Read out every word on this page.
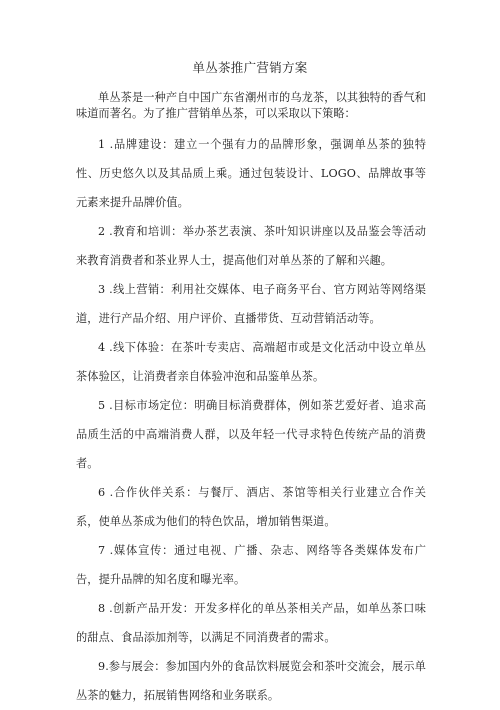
单丛茶推广营销方案

单丛茶是一种产自中国广东省潮州市的乌龙茶，以其独特的香气和味道而著名。为了推广营销单丛茶，可以采取以下策略：

1 .品牌建设：建立一个强有力的品牌形象，强调单丛茶的独特性、历史悠久以及其品质上乘。通过包装设计、LOGO、品牌故事等元素来提升品牌价值。

2 .教育和培训：举办茶艺表演、茶叶知识讲座以及品鉴会等活动来教育消费者和茶业界人士，提高他们对单丛茶的了解和兴趣。

3 .线上营销：利用社交媒体、电子商务平台、官方网站等网络渠道，进行产品介绍、用户评价、直播带货、互动营销活动等。

4 .线下体验：在茶叶专卖店、高端超市或是文化活动中设立单丛茶体验区，让消费者亲自体验冲泡和品鉴单丛茶。

5 .目标市场定位：明确目标消费群体，例如茶艺爱好者、追求高品质生活的中高端消费人群，以及年轻一代寻求特色传统产品的消费者。

6 .合作伙伴关系：与餐厅、酒店、茶馆等相关行业建立合作关系，使单丛茶成为他们的特色饮品，增加销售渠道。

7 .媒体宣传：通过电视、广播、杂志、网络等各类媒体发布广告，提升品牌的知名度和曝光率。

8 .创新产品开发：开发多样化的单丛茶相关产品，如单丛茶口味的甜点、食品添加剂等，以满足不同消费者的需求。

9.参与展会：参加国内外的食品饮料展览会和茶叶交流会，展示单丛茶的魅力，拓展销售网络和业务联系。
